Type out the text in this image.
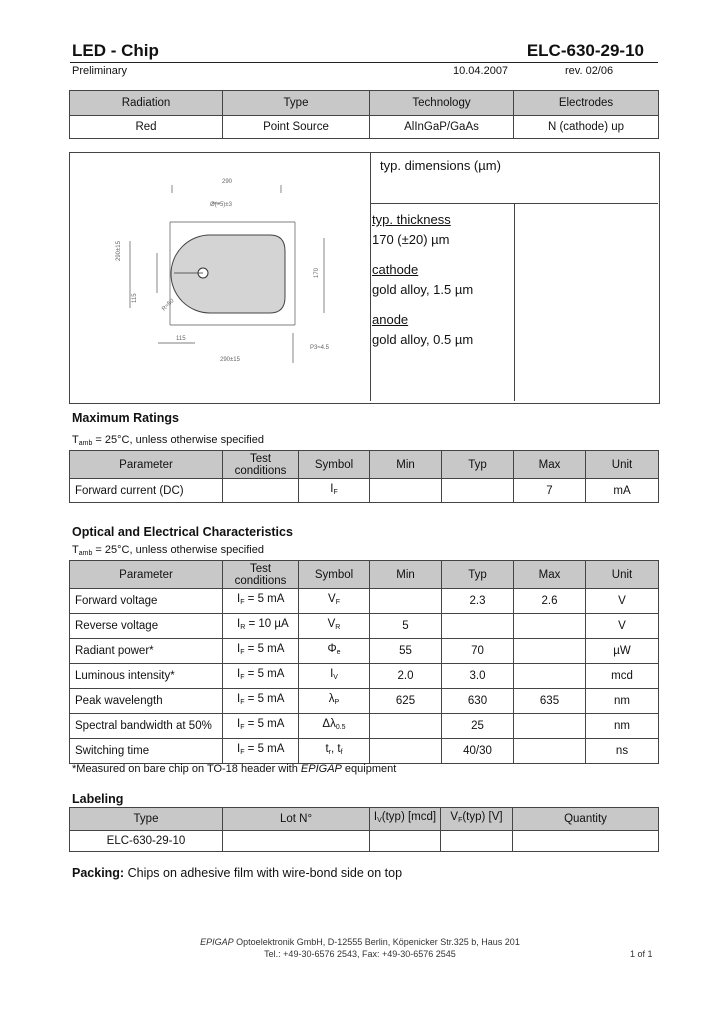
LED - Chip	ELC-630-29-10
Preliminary	10.04.2007	rev. 02/06
Radiation	Type	Technology	Electrodes
Red	Point Source	AlInGaP/GaAs	N (cathode) up
typ. dimensions (µm)
typ. thickness
170 (±20) µm
cathode
gold alloy, 1.5 µm
anode
gold alloy, 0.5 µm
290
Ø(≈5)±3
290±15
115
170
115
290±15
R≈50
P3≈4.5
Maximum Ratings
$T_{amb} = 25^\circ C$, unless otherwise specified
Parameter	Test conditions	Symbol	Min	Typ	Max	Unit
Forward current (DC)		$I_F$			7	mA
Optical and Electrical Characteristics
$T_{amb} = 25^\circ C$, unless otherwise specified
Parameter	Test conditions	Symbol	Min	Typ	Max	Unit
Forward voltage	$I_F = 5$ mA	$V_F$		2.3	2.6	V
Reverse voltage	$I_R = 10$ µA	$V_R$	5			V
Radiant power*	$I_F = 5$ mA	$\Phi_e$	55	70		µW
Luminous intensity*	$I_F = 5$ mA	$I_V$	2.0	3.0		mcd
Peak wavelength	$I_F = 5$ mA	$\lambda_P$	625	630	635	nm
Spectral bandwidth at 50%	$I_F = 5$ mA	$\Delta\lambda_{0.5}$		25		nm
Switching time	$I_F = 5$ mA	$t_r$, $t_f$		40/30		ns
*Measured on bare chip on TO-18 header with EPIGAP equipment
Labeling
Type	Lot N°	$I_V(typ)$ [mcd]	$V_F(typ)$ [V]	Quantity
ELC-630-29-10				
Packing: Chips on adhesive film with wire-bond side on top
EPIGAP Optoelektronik GmbH, D-12555 Berlin, Köpenicker Str.325 b, Haus 201
Tel.: +49-30-6576 2543, Fax: +49-30-6576 2545	1 of 1
